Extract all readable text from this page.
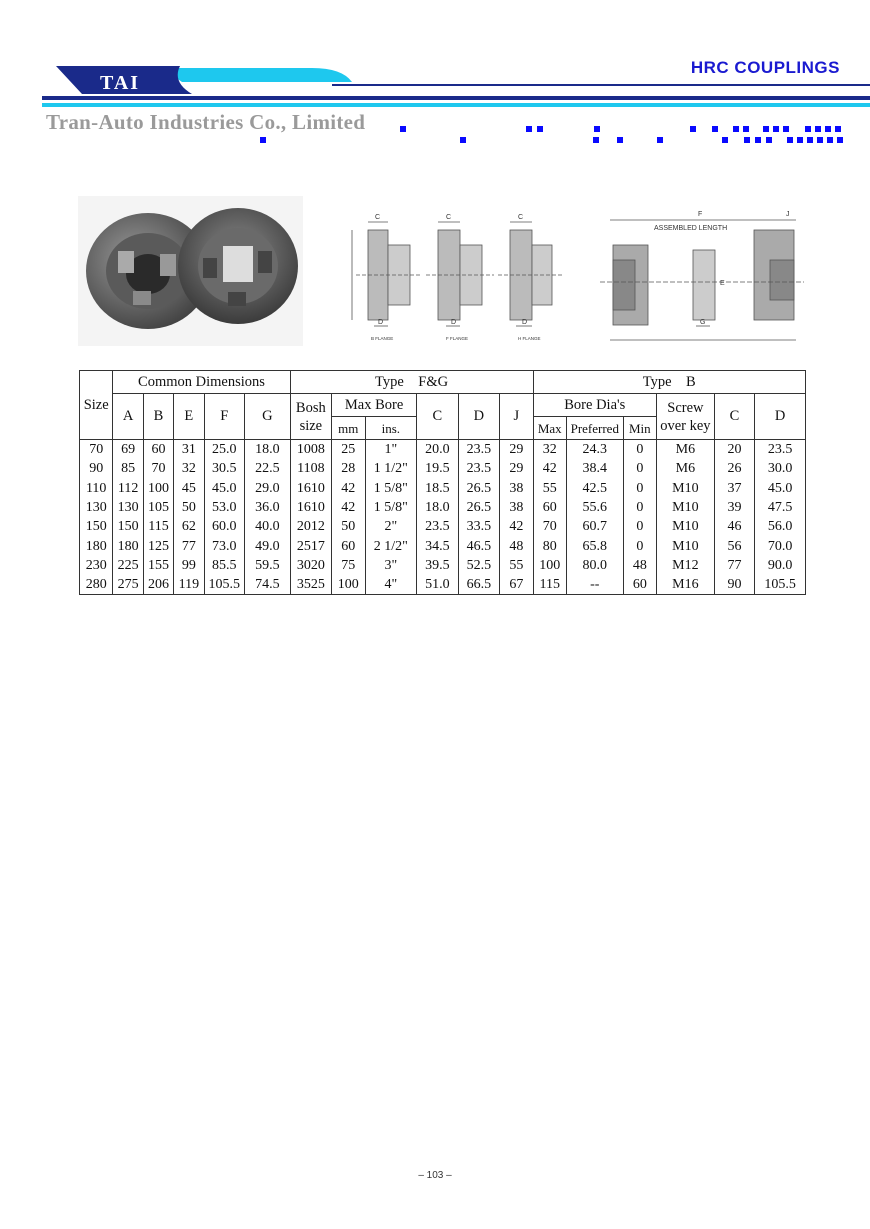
HRC COUPLINGS
TAI
Tran-Auto Industries Co., Limited
C	C	C
D	D	D
F	J
E
G
ASSEMBLED LENGTH
B FLANGE	F FLANGE	H FLANGE
Size	Common Dimensions					Type    F&G						Type    B					
	A	B	E	F	G	Bosh size	Max Bore		C	D	J	Bore Dia's			Screw over key	C	D
							mm	ins.				Max	Preferred	Min			
70	69	60	31	25.0	18.0	1008	25	1"	20.0	23.5	29	32	24.3	0	M6	20	23.5
90	85	70	32	30.5	22.5	1108	28	1 1/2"	19.5	23.5	29	42	38.4	0	M6	26	30.0
110	112	100	45	45.0	29.0	1610	42	1 5/8"	18.5	26.5	38	55	42.5	0	M10	37	45.0
130	130	105	50	53.0	36.0	1610	42	1 5/8"	18.0	26.5	38	60	55.6	0	M10	39	47.5
150	150	115	62	60.0	40.0	2012	50	2"	23.5	33.5	42	70	60.7	0	M10	46	56.0
180	180	125	77	73.0	49.0	2517	60	2 1/2"	34.5	46.5	48	80	65.8	0	M10	56	70.0
230	225	155	99	85.5	59.5	3020	75	3"	39.5	52.5	55	100	80.0	48	M12	77	90.0
280	275	206	119	105.5	74.5	3525	100	4"	51.0	66.5	67	115	--	60	M16	90	105.5
– 103 –
